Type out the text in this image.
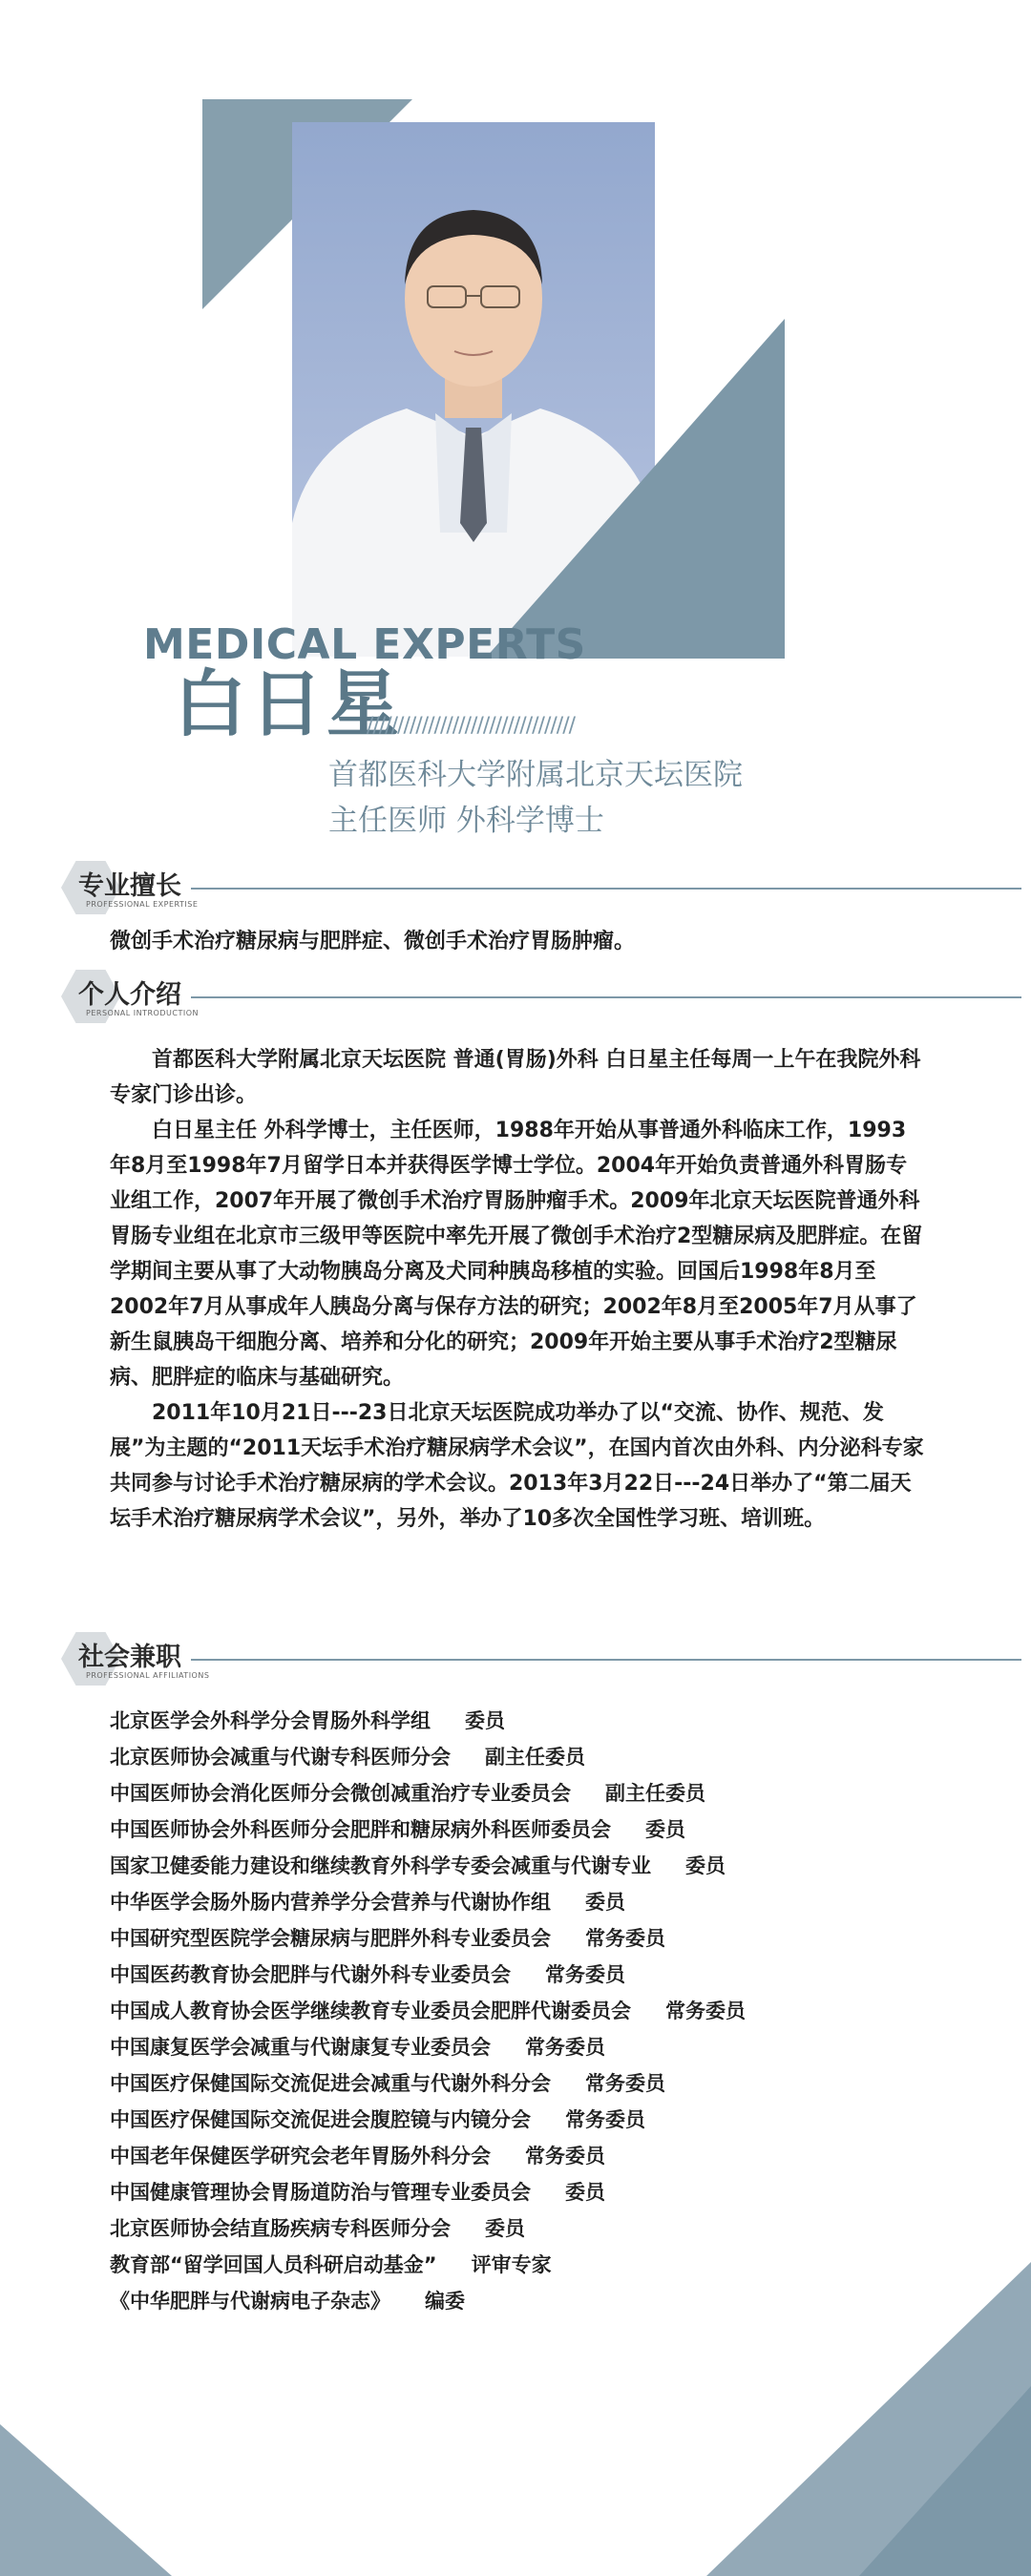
MEDICAL EXPERTS
白日星
//////////////////////////////////
首都医科大学附属北京天坛医院
主任医师 外科学博士
专业擅长
PROFESSIONAL EXPERTISE
微创手术治疗糖尿病与肥胖症、微创手术治疗胃肠肿瘤。
个人介绍
PERSONAL INTRODUCTION

首都医科大学附属北京天坛医院 普通(胃肠)外科 白日星主任每周一上午在我院外科专家门诊出诊。

白日星主任 外科学博士，主任医师，1988年开始从事普通外科临床工作，1993年8月至1998年7月留学日本并获得医学博士学位。2004年开始负责普通外科胃肠专业组工作，2007年开展了微创手术治疗胃肠肿瘤手术。2009年北京天坛医院普通外科胃肠专业组在北京市三级甲等医院中率先开展了微创手术治疗2型糖尿病及肥胖症。在留学期间主要从事了大动物胰岛分离及犬同种胰岛移植的实验。回国后1998年8月至2002年7月从事成年人胰岛分离与保存方法的研究；2002年8月至2005年7月从事了新生鼠胰岛干细胞分离、培养和分化的研究；2009年开始主要从事手术治疗2型糖尿病、肥胖症的临床与基础研究。

2011年10月21日---23日北京天坛医院成功举办了以“交流、协作、规范、发展”为主题的“2011天坛手术治疗糖尿病学术会议”，在国内首次由外科、内分泌科专家共同参与讨论手术治疗糖尿病的学术会议。2013年3月22日---24日举办了“第二届天坛手术治疗糖尿病学术会议”，另外，举办了10多次全国性学习班、培训班。

社会兼职
PROFESSIONAL AFFILIATIONS
北京医学会外科学分会胃肠外科学组 委员
北京医师协会减重与代谢专科医师分会 副主任委员
中国医师协会消化医师分会微创减重治疗专业委员会 副主任委员
中国医师协会外科医师分会肥胖和糖尿病外科医师委员会 委员
国家卫健委能力建设和继续教育外科学专委会减重与代谢专业 委员
中华医学会肠外肠内营养学分会营养与代谢协作组 委员
中国研究型医院学会糖尿病与肥胖外科专业委员会 常务委员
中国医药教育协会肥胖与代谢外科专业委员会 常务委员
中国成人教育协会医学继续教育专业委员会肥胖代谢委员会 常务委员
中国康复医学会减重与代谢康复专业委员会 常务委员
中国医疗保健国际交流促进会减重与代谢外科分会 常务委员
中国医疗保健国际交流促进会腹腔镜与内镜分会 常务委员
中国老年保健医学研究会老年胃肠外科分会 常务委员
中国健康管理协会胃肠道防治与管理专业委员会 委员
北京医师协会结直肠疾病专科医师分会 委员
教育部“留学回国人员科研启动基金” 评审专家
《中华肥胖与代谢病电子杂志》 编委
